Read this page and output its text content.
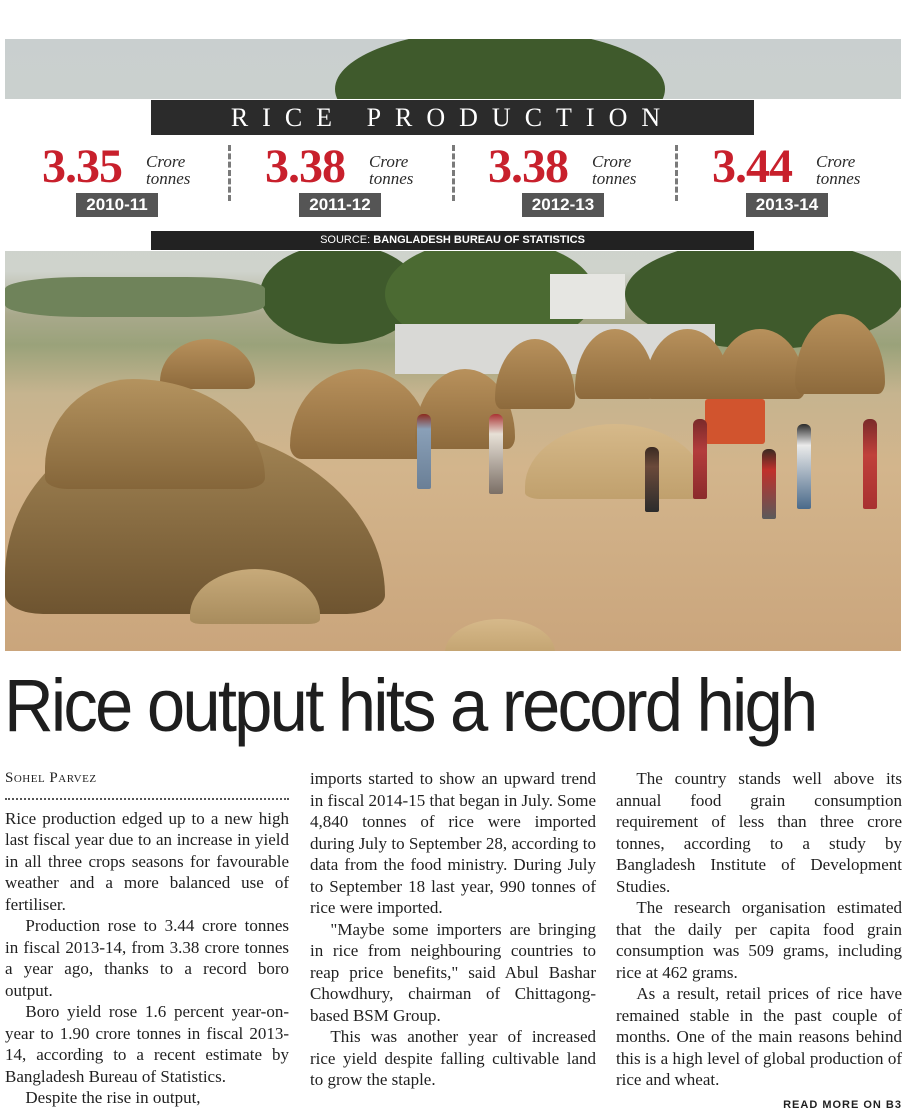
RICE PRODUCTION
3.35 Crore
tonnes
2010-11
3.38 Crore
tonnes
2011-12
3.38 Crore
tonnes
2012-13
3.44 Crore
tonnes
2013-14
SOURCE: BANGLADESH BUREAU OF STATISTICS
Rice output hits a record high
Sohel Parvez

Rice production edged up to a new high last fiscal year due to an increase in yield in all three crops seasons for favourable weather and a more balanced use of fertiliser.

Production rose to 3.44 crore tonnes in fiscal 2013-14, from 3.38 crore tonnes a year ago, thanks to a record boro output.

Boro yield rose 1.6 percent year-on-year to 1.90 crore tonnes in fiscal 2013-14, according to a recent estimate by Bangladesh Bureau of Statistics.

Despite the rise in output,

imports started to show an upward trend in fiscal 2014-15 that began in July. Some 4,840 tonnes of rice were imported during July to September 28, according to data from the food ministry. During July to September 18 last year, 990 tonnes of rice were imported.

"Maybe some importers are bringing in rice from neighbouring countries to reap price benefits," said Abul Bashar Chowdhury, chairman of Chittagong-based BSM Group.

This was another year of increased rice yield despite falling cultivable land to grow the staple.

The country stands well above its annual food grain consumption requirement of less than three crore tonnes, according to a study by Bangladesh Institute of Development Studies.

The research organisation estimated that the daily per capita food grain consumption was 509 grams, including rice at 462 grams.

As a result, retail prices of rice have remained stable in the past couple of months. One of the main reasons behind this is a high level of global production of rice and wheat.

READ MORE ON B3
